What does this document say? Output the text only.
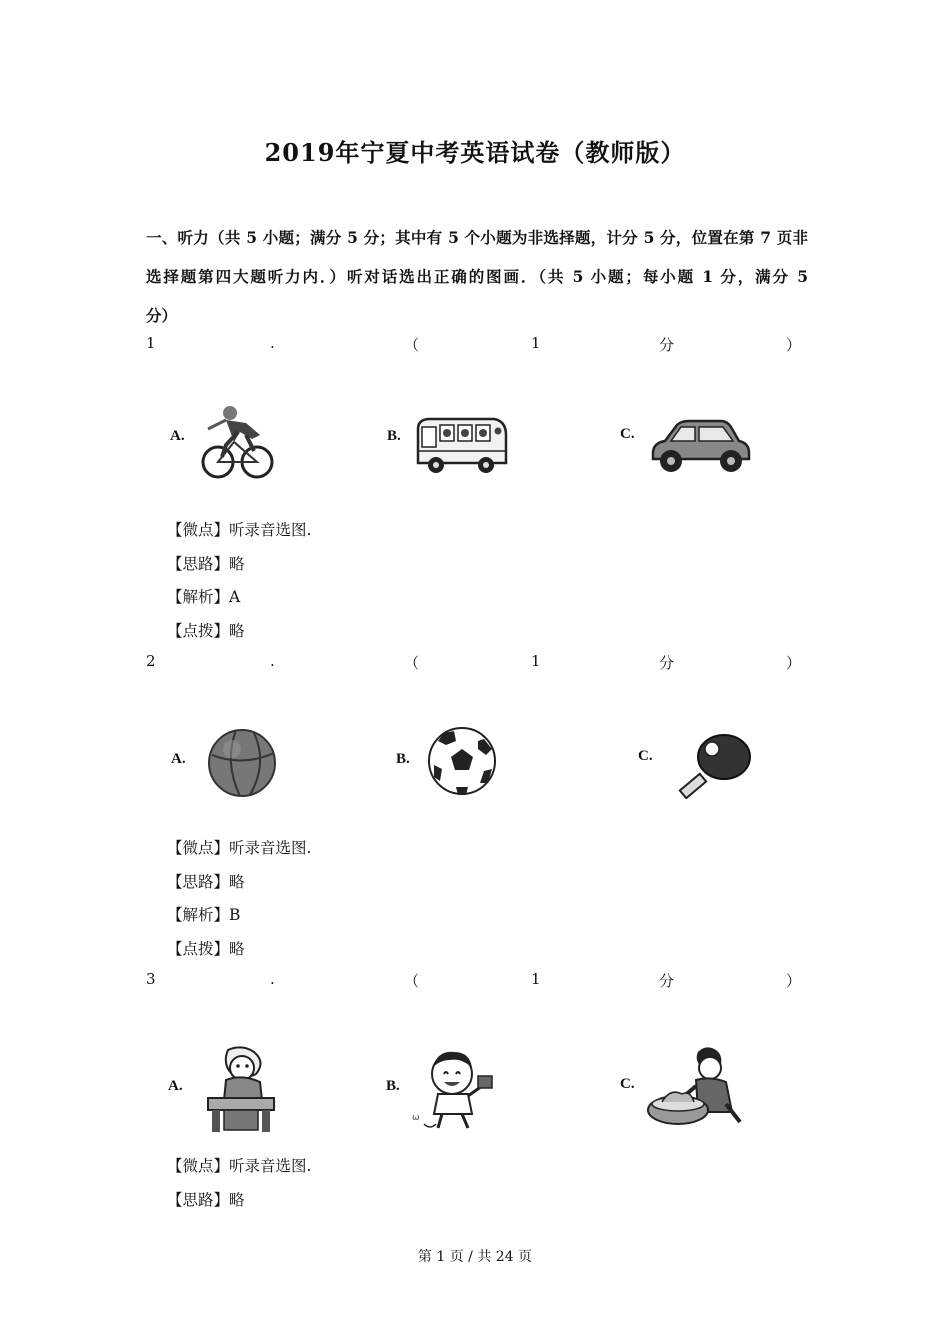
2019年宁夏中考英语试卷（教师版）
一、听力（共 5 小题；满分 5 分；其中有 5 个小题为非选择题，计分 5 分，位置在第 7 页非
选择题第四大题听力内．）听对话选出正确的图画．（共 5 小题；每小题 1 分，满分 5
分）
1	.	（	1	分	）
A.	B.	C.
【微点】听录音选图.
【思路】略
【解析】A
【点拨】略
2	.	（	1	分	）
A.	B.	C.
【微点】听录音选图.
【思路】略
【解析】B
【点拨】略
3	.	（	1	分	）
A.	B.
ω
C.
【微点】听录音选图.
【思路】略
第 1 页 / 共 24 页
